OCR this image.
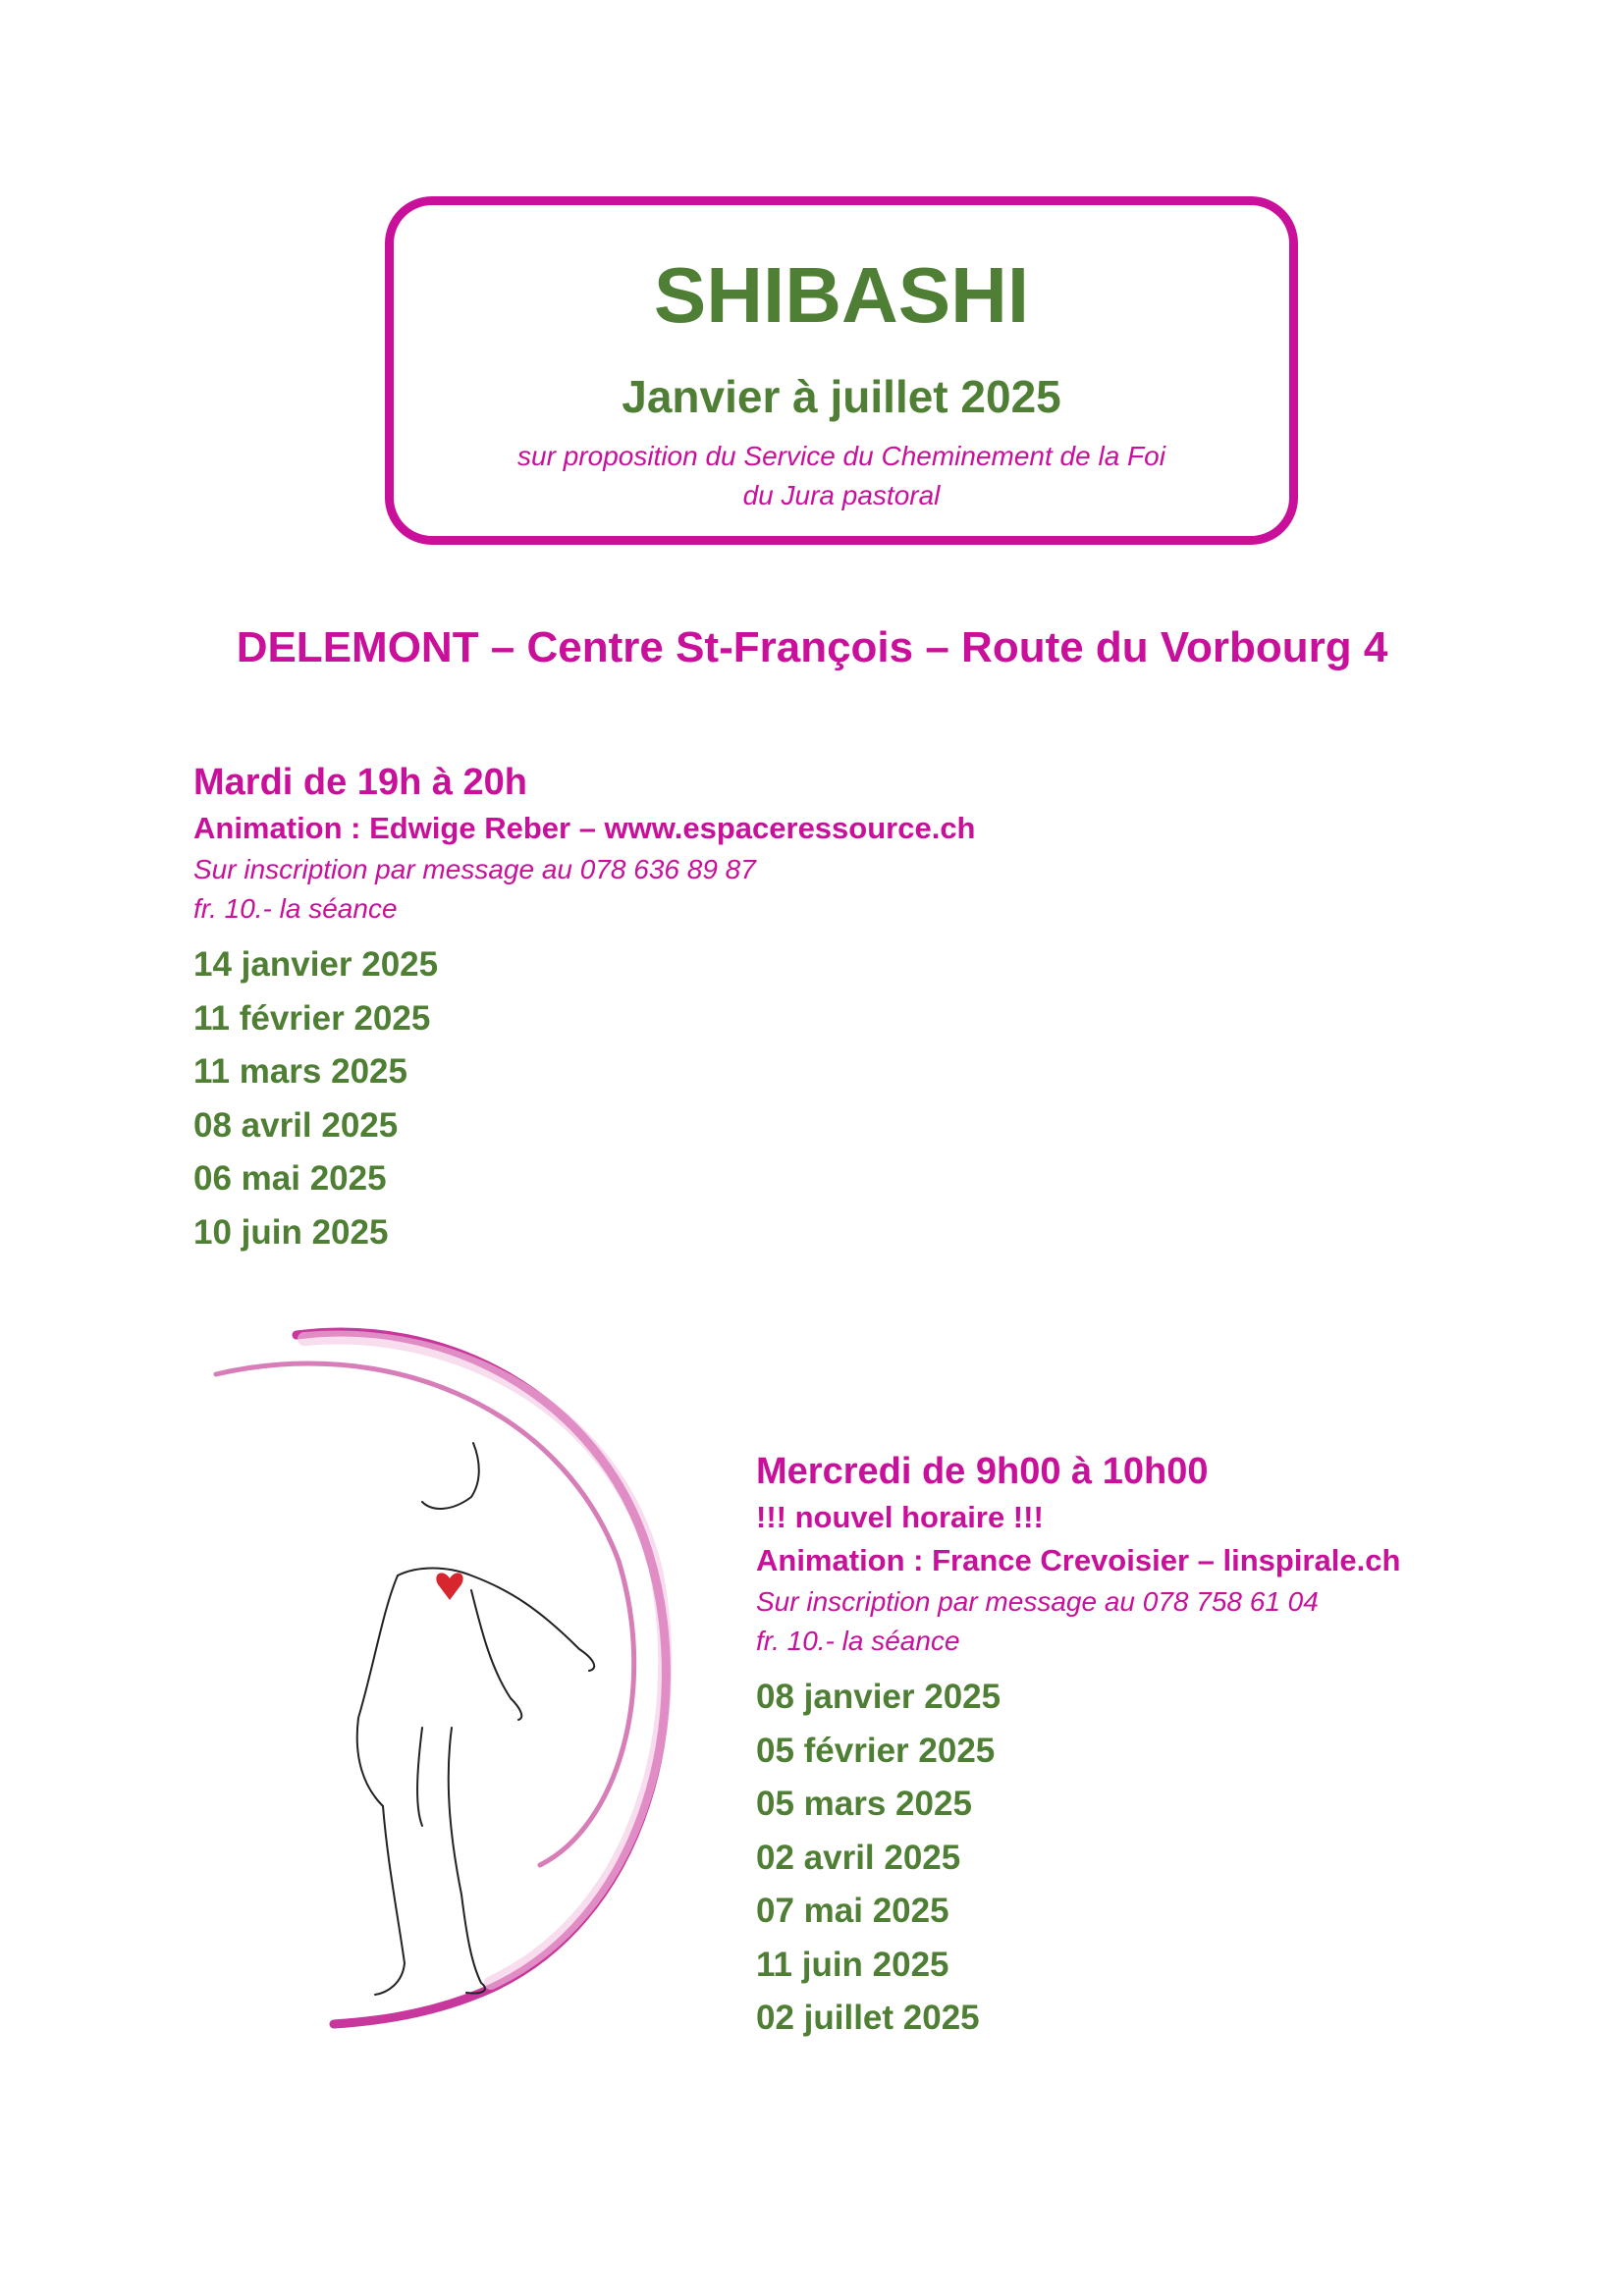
SHIBASHI
Janvier à juillet 2025
sur proposition du Service du Cheminement de la Foi
du Jura pastoral
DELEMONT – Centre St-François – Route du Vorbourg 4
Mardi de 19h à 20h
Animation : Edwige Reber – www.espaceressource.ch
Sur inscription par message au 078 636 89 87
fr. 10.- la séance
14 janvier 2025
11 février 2025
11 mars 2025
08 avril 2025
06 mai 2025
10 juin 2025
Mercredi de 9h00 à 10h00
!!! nouvel horaire !!!
Animation : France Crevoisier – linspirale.ch
Sur inscription par message au 078 758 61 04
fr. 10.- la séance
08 janvier 2025
05 février 2025
05 mars 2025
02 avril 2025
07 mai 2025
11 juin 2025
02 juillet 2025
